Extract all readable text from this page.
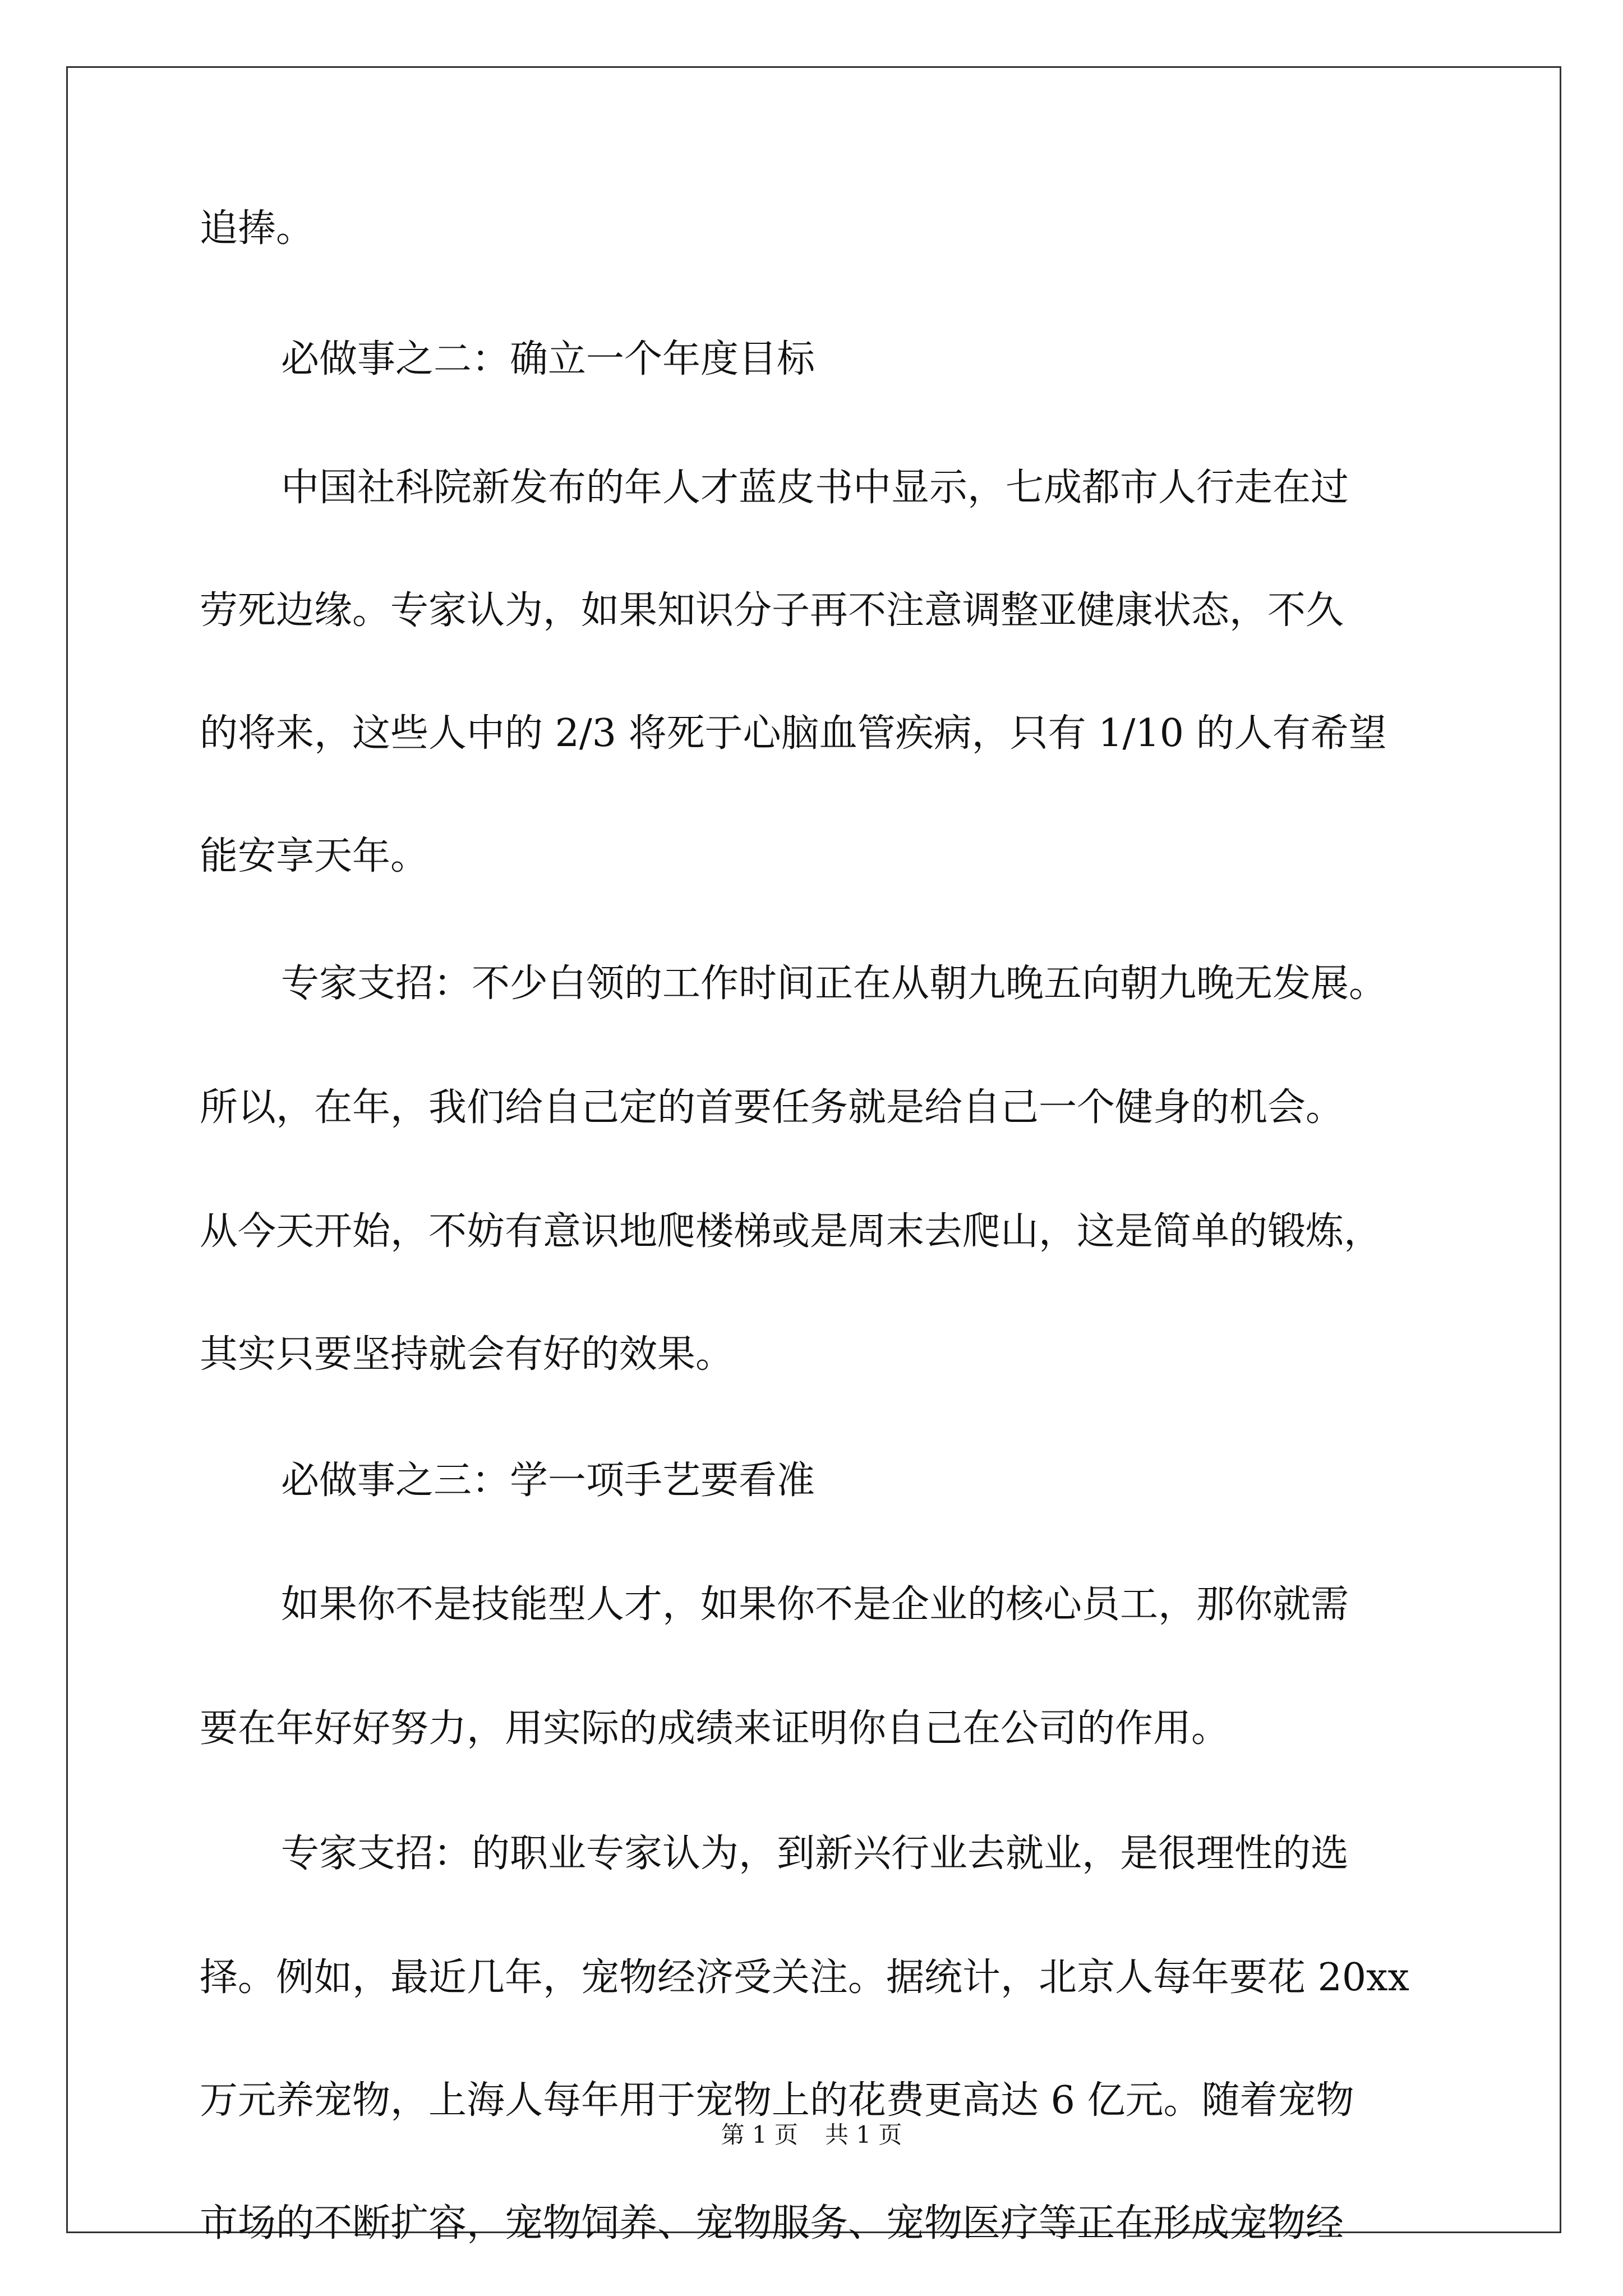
追捧。
必做事之二：确立一个年度目标
中国社科院新发布的年人才蓝皮书中显示，七成都市人行走在过
劳死边缘。专家认为，如果知识分子再不注意调整亚健康状态，不久
的将来，这些人中的 2/3 将死于心脑血管疾病，只有 1/10 的人有希望
能安享天年。
专家支招：不少白领的工作时间正在从朝九晚五向朝九晚无发展。
所以，在年，我们给自己定的首要任务就是给自己一个健身的机会。
从今天开始，不妨有意识地爬楼梯或是周末去爬山，这是简单的锻炼，
其实只要坚持就会有好的效果。
必做事之三：学一项手艺要看准
如果你不是技能型人才，如果你不是企业的核心员工，那你就需
要在年好好努力，用实际的成绩来证明你自己在公司的作用。
专家支招：的职业专家认为，到新兴行业去就业，是很理性的选
择。例如，最近几年，宠物经济受关注。据统计，北京人每年要花 20xx
万元养宠物，上海人每年用于宠物上的花费更高达 6 亿元。随着宠物
市场的不断扩容，宠物饲养、宠物服务、宠物医疗等正在形成宠物经
第 1 页 共 1 页
